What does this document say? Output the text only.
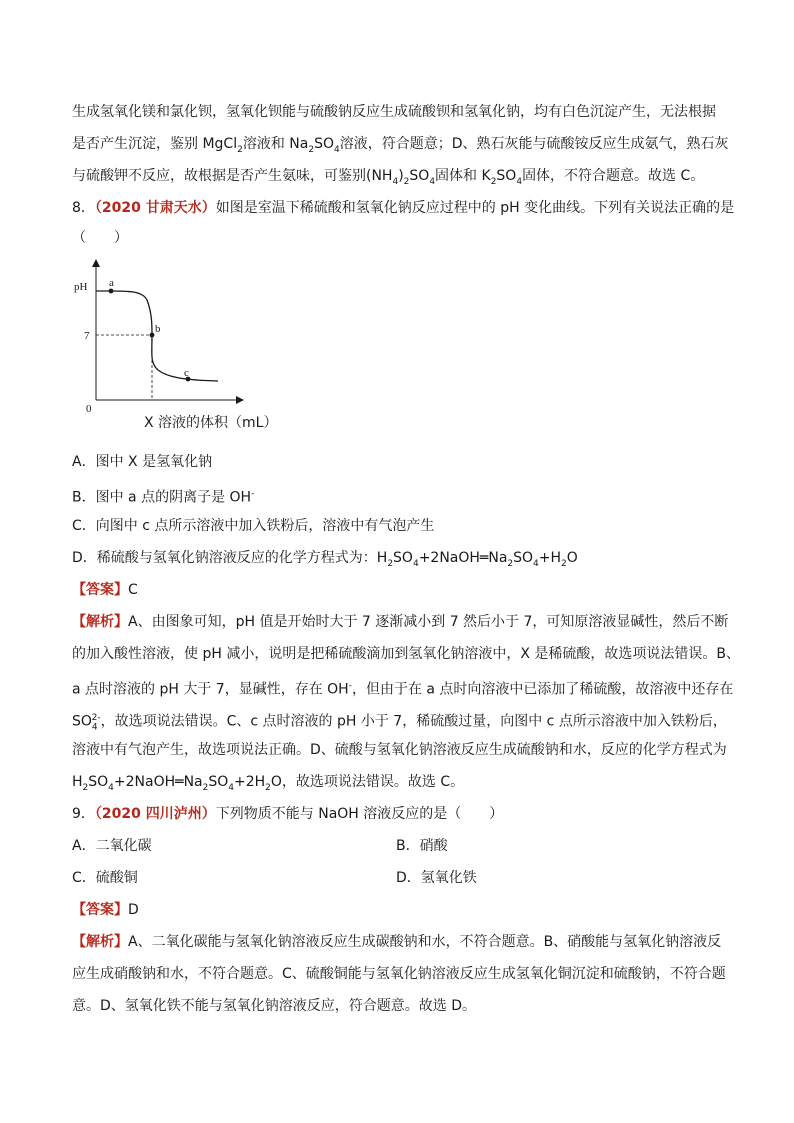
生成氢氧化镁和氯化钡，氢氧化钡能与硫酸钠反应生成硫酸钡和氢氧化钠，均有白色沉淀产生，无法根据
是否产生沉淀，鉴别 MgCl$_2$溶液和 $Na_2SO_4$溶液，符合题意；D、熟石灰能与硫酸铵反应生成氨气，熟石灰
与硫酸钾不反应，故根据是否产生氨味，可鉴别$(NH_4)_2SO_4$固体和 $K_2SO_4$固体，不符合题意。故选 C。
8．（2020 甘肃天水）如图是室温下稀硫酸和氢氧化钠反应过程中的 pH 变化曲线。下列有关说法正确的是
（　　）
pH
7
0
a
b
c
X 溶液的体积（mL）
A．图中 X 是氢氧化钠
B．图中 a 点的阴离子是 OH-
C．向图中 c 点所示溶液中加入铁粉后，溶液中有气泡产生
D．稀硫酸与氢氧化钠溶液反应的化学方程式为：$H_2SO_4+2NaOH═Na_2SO_4+H_2O$
【答案】C
【解析】A、由图象可知，pH 值是开始时大于 7 逐渐减小到 7 然后小于 7，可知原溶液显碱性，然后不断
的加入酸性溶液，使 pH 减小，说明是把稀硫酸滴加到氢氧化钠溶液中，X 是稀硫酸，故选项说法错误。B、
a 点时溶液的 pH 大于 7，显碱性，存在 OH-，但由于在 a 点时向溶液中已添加了稀硫酸，故溶液中还存在
$SO_4^{2-}$，故选项说法错误。C、c 点时溶液的 pH 小于 7，稀硫酸过量，向图中 c 点所示溶液中加入铁粉后，
溶液中有气泡产生，故选项说法正确。D、硫酸与氢氧化钠溶液反应生成硫酸钠和水，反应的化学方程式为
$H_2SO_4+2NaOH═Na_2SO_4+2H_2O$，故选项说法错误。故选 C。
9．（2020 四川泸州）下列物质不能与 NaOH 溶液反应的是（　　）
A．二氧化碳	B．硝酸
C．硫酸铜	D．氢氧化铁
【答案】D
【解析】A、二氧化碳能与氢氧化钠溶液反应生成碳酸钠和水，不符合题意。B、硝酸能与氢氧化钠溶液反
应生成硝酸钠和水，不符合题意。C、硫酸铜能与氢氧化钠溶液反应生成氢氧化铜沉淀和硫酸钠，不符合题
意。D、氢氧化铁不能与氢氧化钠溶液反应，符合题意。故选 D。
